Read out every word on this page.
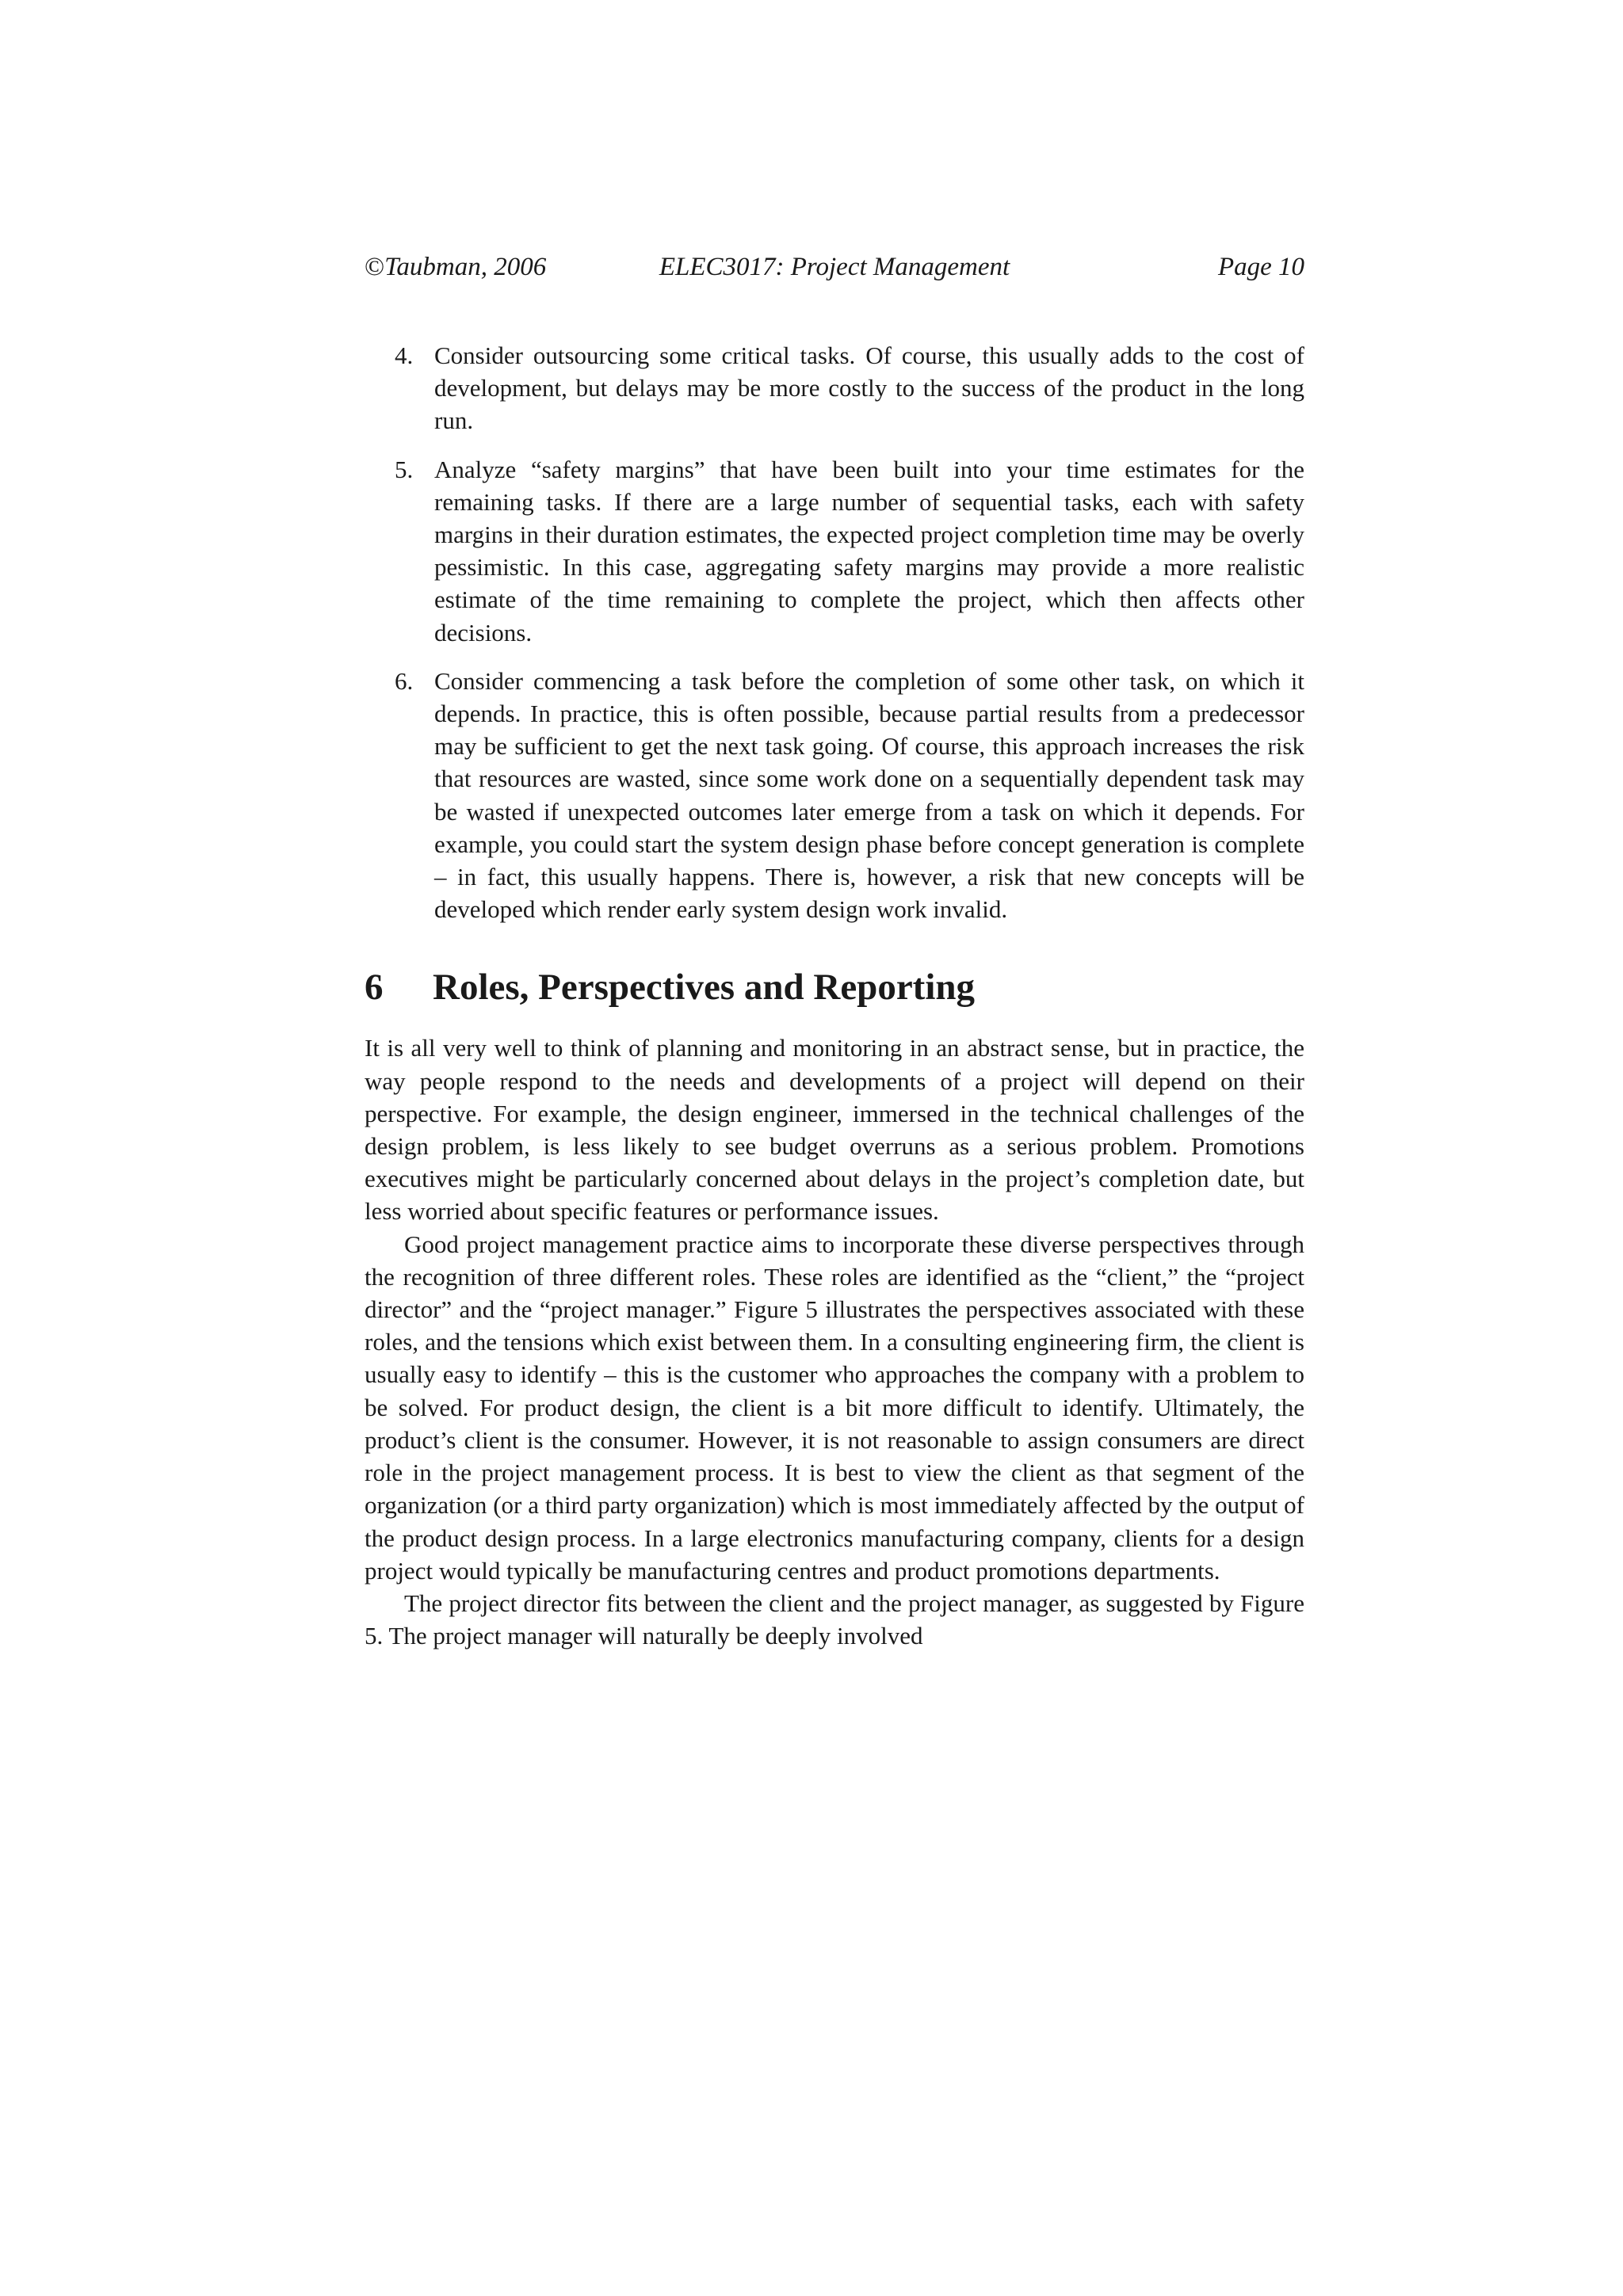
©Taubman, 2006	ELEC3017: Project Management	Page 10
4. Consider outsourcing some critical tasks. Of course, this usually adds to the cost of development, but delays may be more costly to the success of the product in the long run.
5. Analyze “safety margins” that have been built into your time estimates for the remaining tasks. If there are a large number of sequential tasks, each with safety margins in their duration estimates, the expected project completion time may be overly pessimistic. In this case, aggregating safety margins may provide a more realistic estimate of the time remaining to complete the project, which then affects other decisions.
6. Consider commencing a task before the completion of some other task, on which it depends. In practice, this is often possible, because partial results from a predecessor may be sufficient to get the next task going. Of course, this approach increases the risk that resources are wasted, since some work done on a sequentially dependent task may be wasted if unexpected outcomes later emerge from a task on which it depends. For example, you could start the system design phase before concept generation is complete – in fact, this usually happens. There is, however, a risk that new concepts will be developed which render early system design work invalid.
6 Roles, Perspectives and Reporting

It is all very well to think of planning and monitoring in an abstract sense, but in practice, the way people respond to the needs and developments of a project will depend on their perspective. For example, the design engineer, immersed in the technical challenges of the design problem, is less likely to see budget overruns as a serious problem. Promotions executives might be particularly concerned about delays in the project’s completion date, but less worried about specific features or performance issues.

Good project management practice aims to incorporate these diverse perspectives through the recognition of three different roles. These roles are identified as the “client,” the “project director” and the “project manager.” Figure 5 illustrates the perspectives associated with these roles, and the tensions which exist between them. In a consulting engineering firm, the client is usually easy to identify – this is the customer who approaches the company with a problem to be solved. For product design, the client is a bit more difficult to identify. Ultimately, the product’s client is the consumer. However, it is not reasonable to assign consumers are direct role in the project management process. It is best to view the client as that segment of the organization (or a third party organization) which is most immediately affected by the output of the product design process. In a large electronics manufacturing company, clients for a design project would typically be manufacturing centres and product promotions departments.

The project director fits between the client and the project manager, as suggested by Figure 5. The project manager will naturally be deeply involved
